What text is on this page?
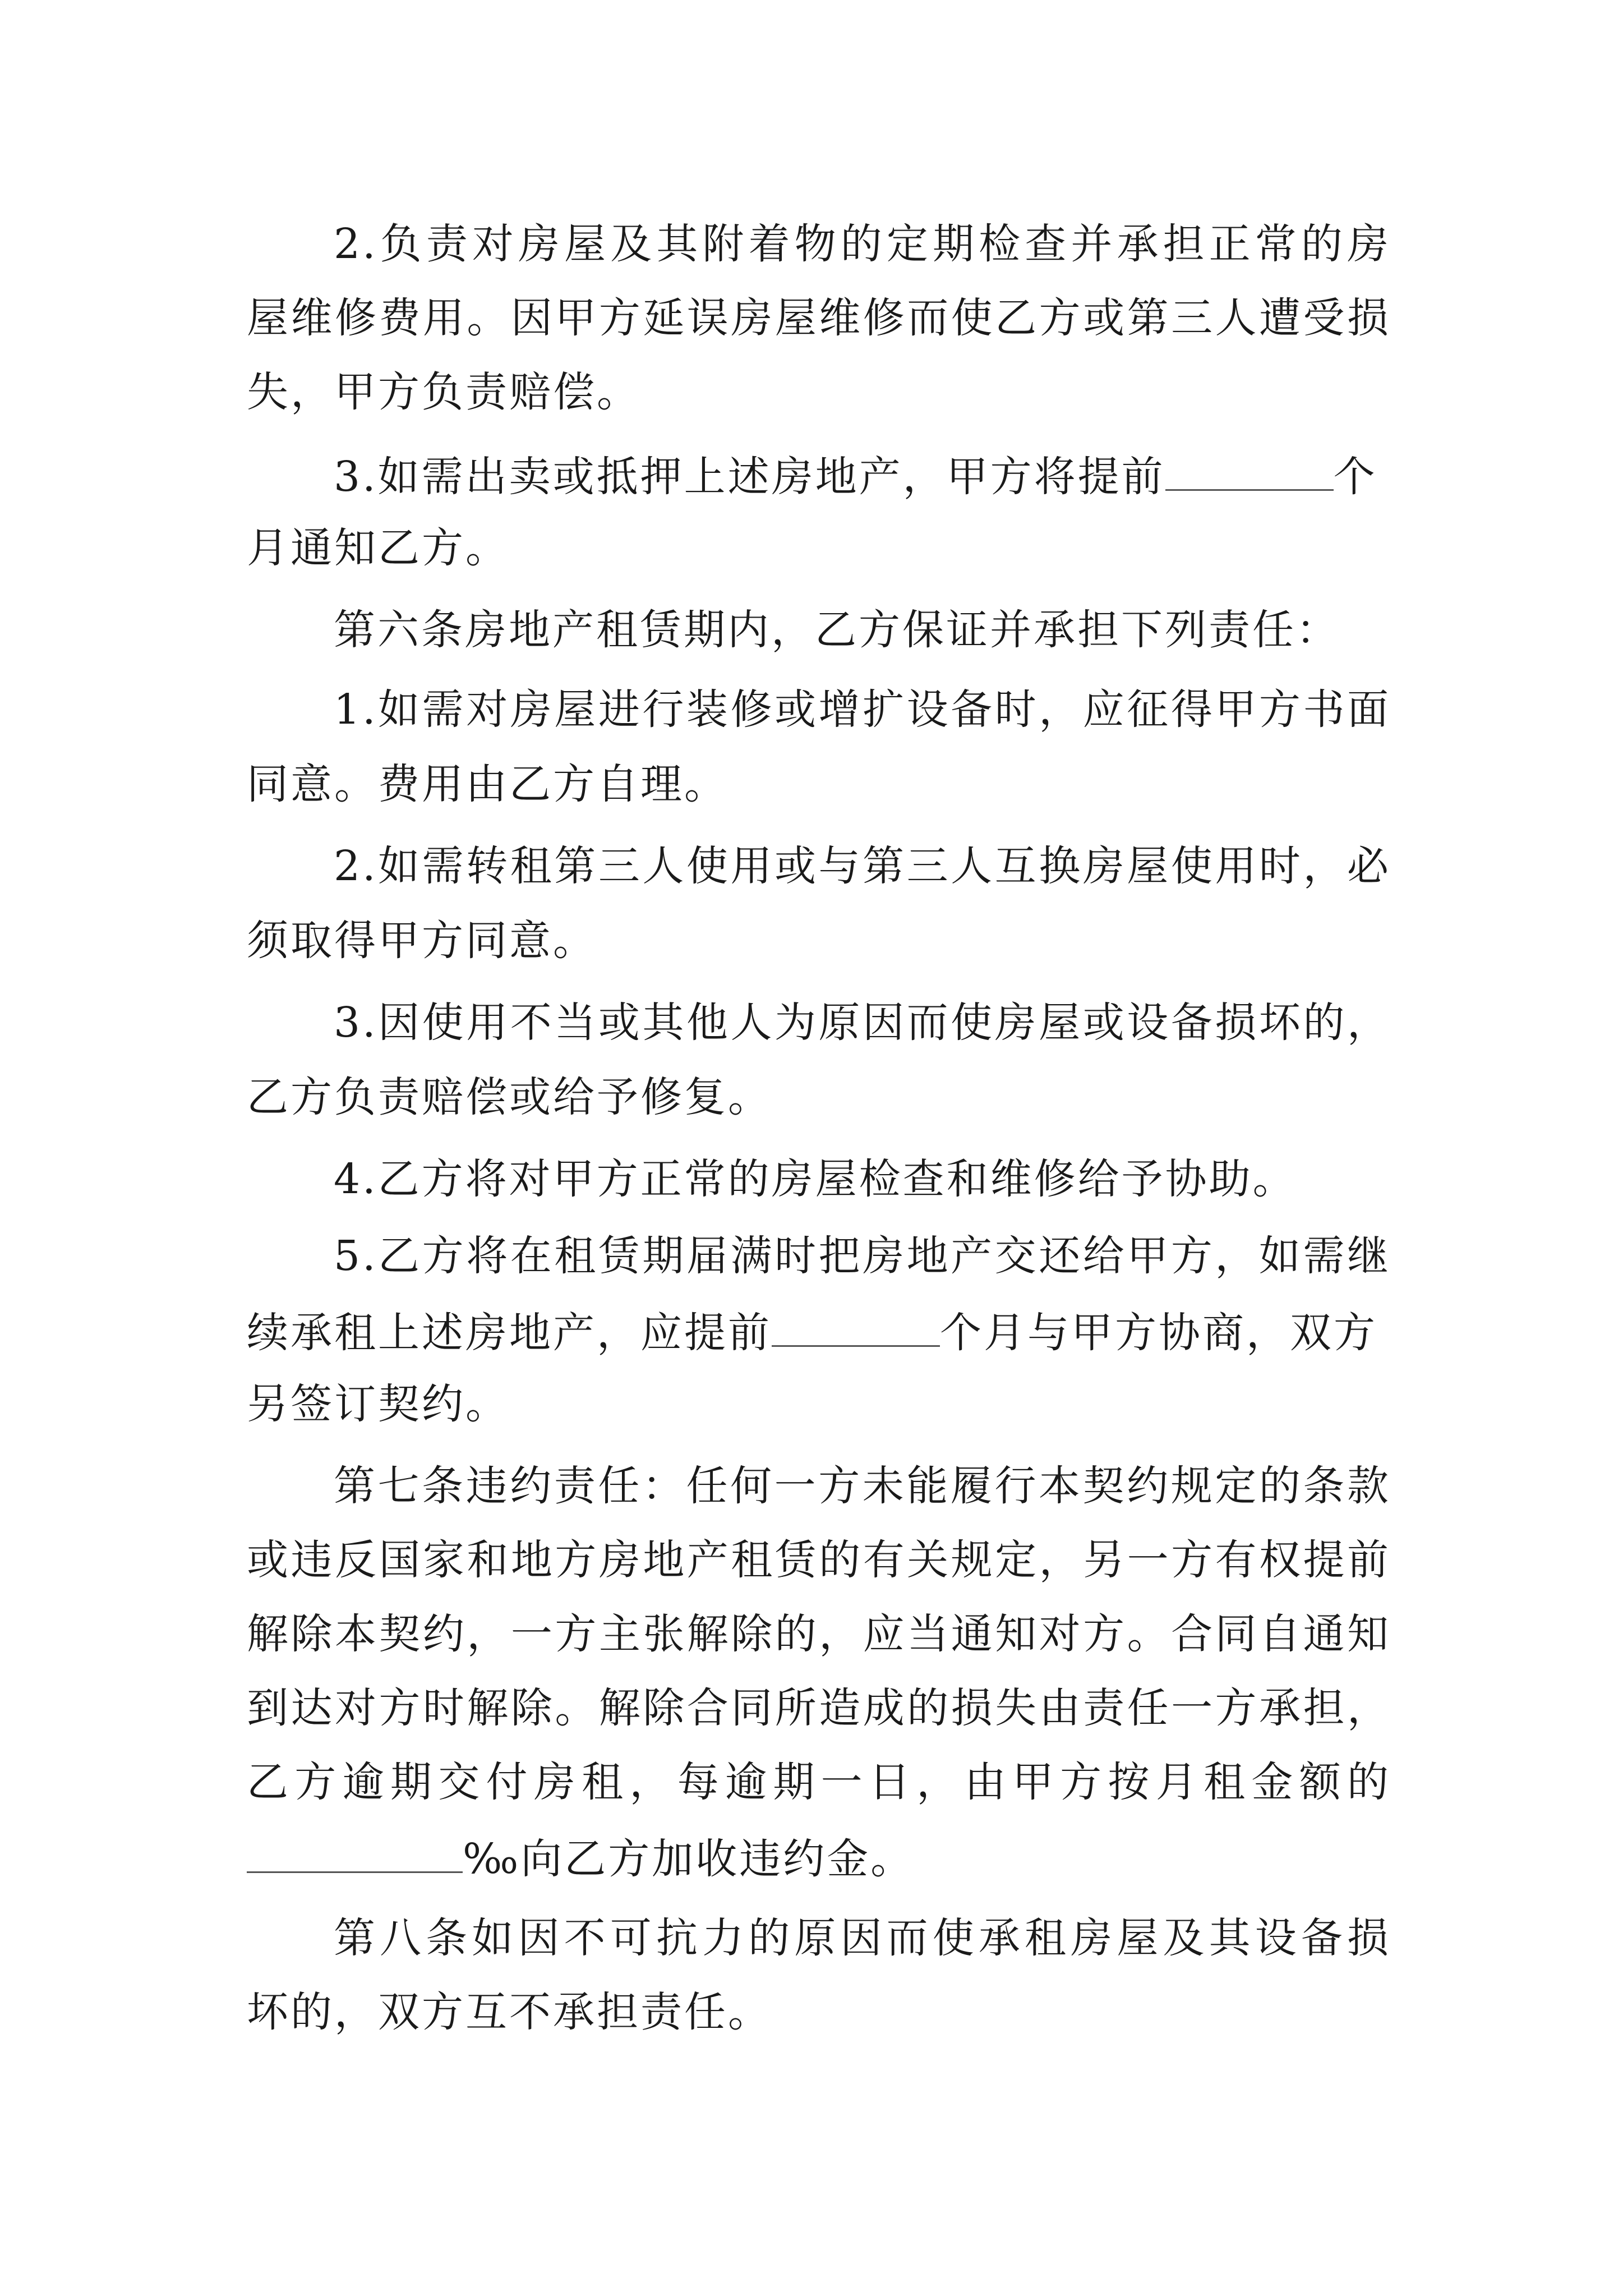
2.负责对房屋及其附着物的定期检查并承担正常的房
屋维修费用。因甲方延误房屋维修而使乙方或第三人遭受损
失，甲方负责赔偿。
3.如需出卖或抵押上述房地产，甲方将提前	个
月通知乙方。
第六条房地产租赁期内，乙方保证并承担下列责任：
1.如需对房屋进行装修或增扩设备时，应征得甲方书面
同意。费用由乙方自理。
2.如需转租第三人使用或与第三人互换房屋使用时，必
须取得甲方同意。
3.因使用不当或其他人为原因而使房屋或设备损坏的，
乙方负责赔偿或给予修复。
4.乙方将对甲方正常的房屋检查和维修给予协助。
5.乙方将在租赁期届满时把房地产交还给甲方，如需继
续承租上述房地产，应提前	个月与甲方协商，双方
另签订契约。
第七条违约责任：任何一方未能履行本契约规定的条款
或违反国家和地方房地产租赁的有关规定，另一方有权提前
解除本契约，一方主张解除的，应当通知对方。合同自通知
到达对方时解除。解除合同所造成的损失由责任一方承担，
乙方逾期交付房租，每逾期一日，由甲方按月租金额的
‰向乙方加收违约金。
第八条如因不可抗力的原因而使承租房屋及其设备损
坏的，双方互不承担责任。
